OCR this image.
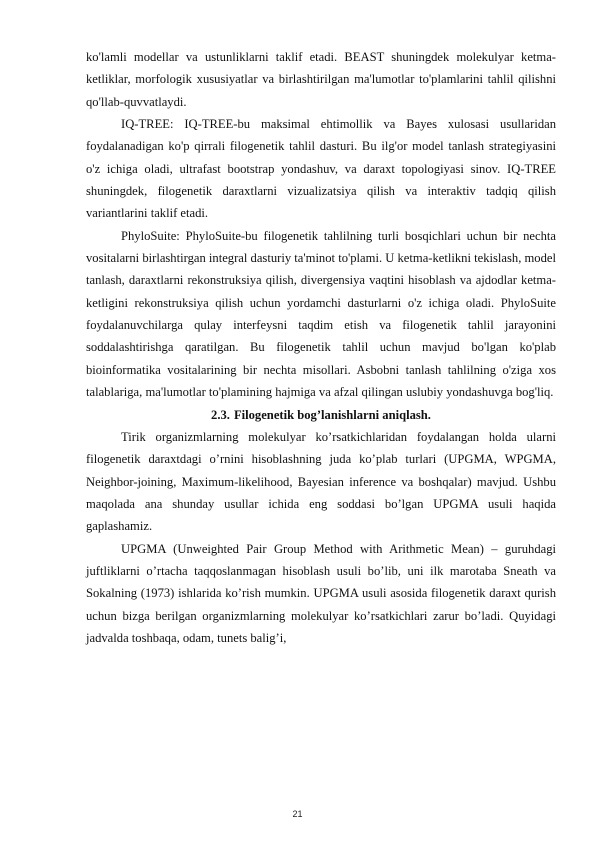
ko'lamli modellar va ustunliklarni taklif etadi. BEAST shuningdek molekulyar ketma-ketliklar, morfologik xususiyatlar va birlashtirilgan ma'lumotlar to'plamlarini tahlil qilishni qo'llab-quvvatlaydi.

IQ-TREE: IQ-TREE-bu maksimal ehtimollik va Bayes xulosasi usullaridan foydalanadigan ko'p qirrali filogenetik tahlil dasturi. Bu ilg'or model tanlash strategiyasini o'z ichiga oladi, ultrafast bootstrap yondashuv, va daraxt topologiyasi sinov. IQ-TREE shuningdek, filogenetik daraxtlarni vizualizatsiya qilish va interaktiv tadqiq qilish variantlarini taklif etadi.

PhyloSuite: PhyloSuite-bu filogenetik tahlilning turli bosqichlari uchun bir nechta vositalarni birlashtirgan integral dasturiy ta'minot to'plami. U ketma-ketlikni tekislash, model tanlash, daraxtlarni rekonstruksiya qilish, divergensiya vaqtini hisoblash va ajdodlar ketma-ketligini rekonstruksiya qilish uchun yordamchi dasturlarni o'z ichiga oladi. PhyloSuite foydalanuvchilarga qulay interfeysni taqdim etish va filogenetik tahlil jarayonini soddalashtirishga qaratilgan. Bu filogenetik tahlil uchun mavjud bo'lgan ko'plab bioinformatika vositalarining bir nechta misollari. Asbobni tanlash tahlilning o'ziga xos talablariga, ma'lumotlar to'plamining hajmiga va afzal qilingan uslubiy yondashuvga bog'liq.

2.3. Filogenetik bog’lanishlarni aniqlash.

Tirik organizmlarning molekulyar ko’rsatkichlaridan foydalangan holda ularni filogenetik daraxtdagi o’rnini hisoblashning juda ko’plab turlari (UPGMA, WPGMA, Neighbor-joining, Maximum-likelihood, Bayesian inference va boshqalar) mavjud. Ushbu maqolada ana shunday usullar ichida eng soddasi bo’lgan UPGMA usuli haqida gaplashamiz.

UPGMA (Unweighted Pair Group Method with Arithmetic Mean) – guruhdagi juftliklarni o’rtacha taqqoslanmagan hisoblash usuli bo’lib, uni ilk marotaba Sneath va Sokalning (1973) ishlarida ko’rish mumkin. UPGMA usuli asosida filogenetik daraxt qurish uchun bizga berilgan organizmlarning molekulyar ko’rsatkichlari zarur bo’ladi. Quyidagi jadvalda toshbaqa, odam, tunets balig’i,

21
